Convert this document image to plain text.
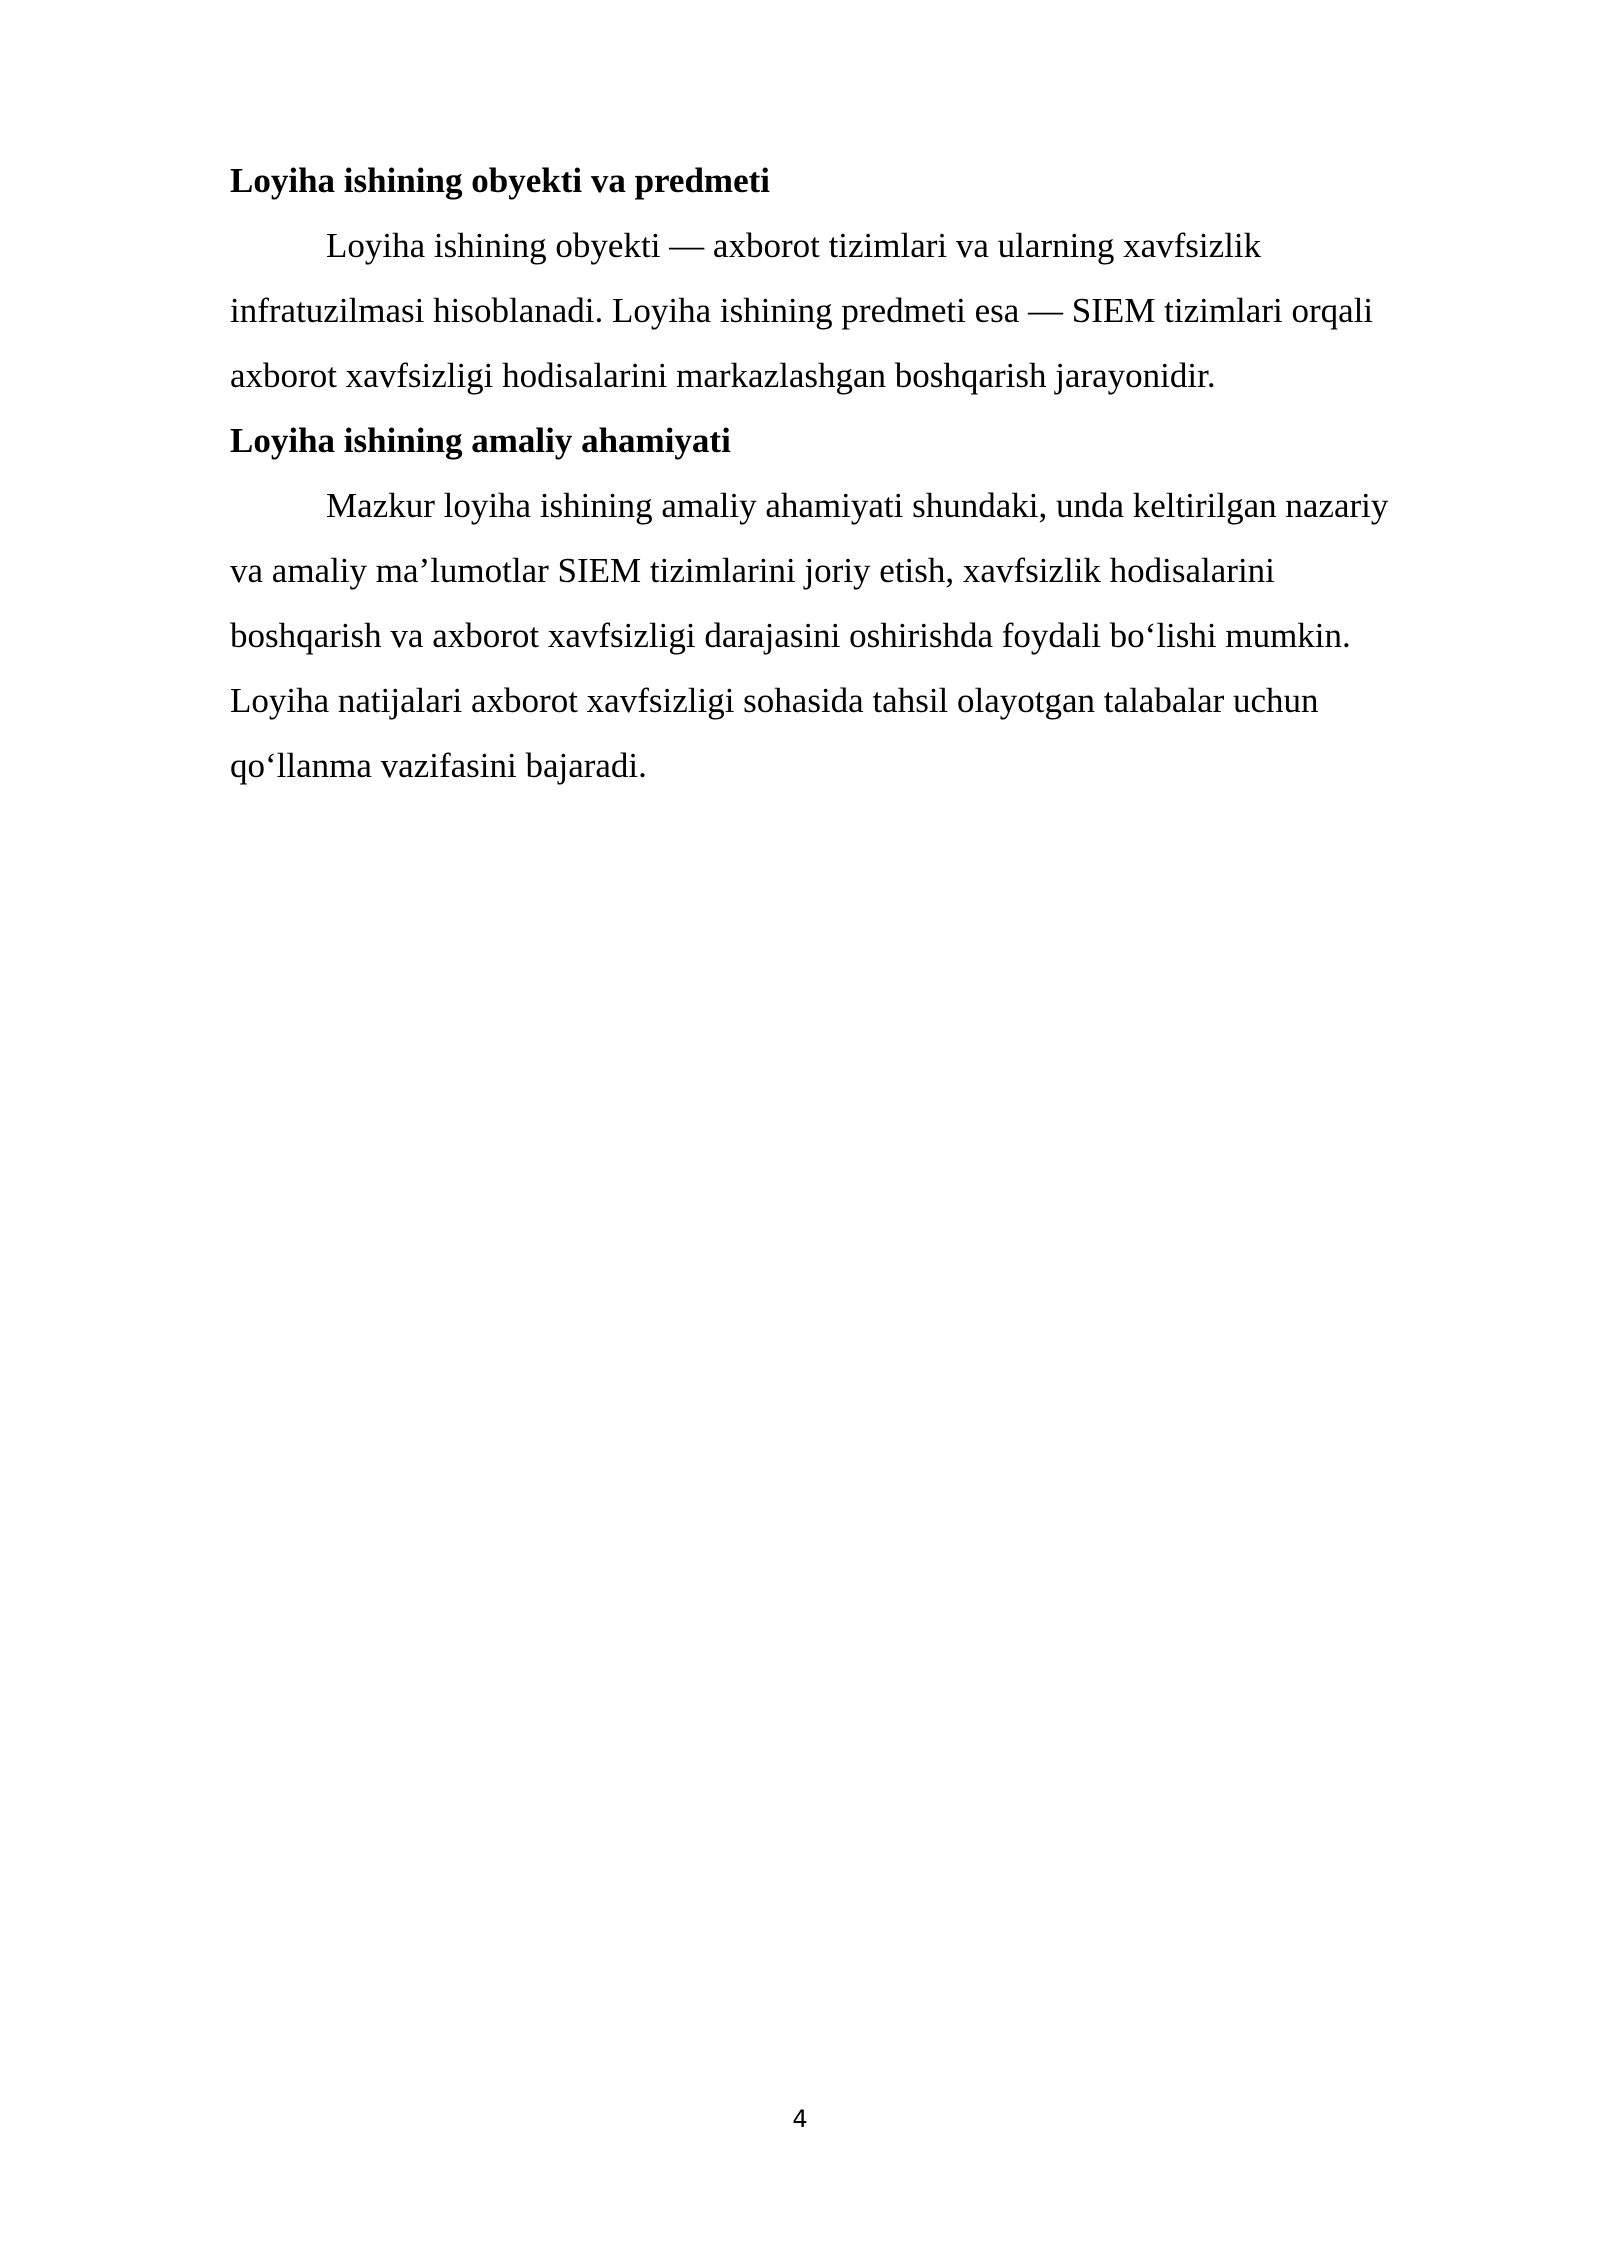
Loyiha ishining obyekti va predmeti

Loyiha ishining obyekti — axborot tizimlari va ularning xavfsizlik
infratuzilmasi hisoblanadi. Loyiha ishining predmeti esa — SIEM tizimlari orqali
axborot xavfsizligi hodisalarini markazlashgan boshqarish jarayonidir.

Loyiha ishining amaliy ahamiyati

Mazkur loyiha ishining amaliy ahamiyati shundaki, unda keltirilgan nazariy
va amaliy ma’lumotlar SIEM tizimlarini joriy etish, xavfsizlik hodisalarini
boshqarish va axborot xavfsizligi darajasini oshirishda foydali bo‘lishi mumkin.
Loyiha natijalari axborot xavfsizligi sohasida tahsil olayotgan talabalar uchun
qo‘llanma vazifasini bajaradi.

4
